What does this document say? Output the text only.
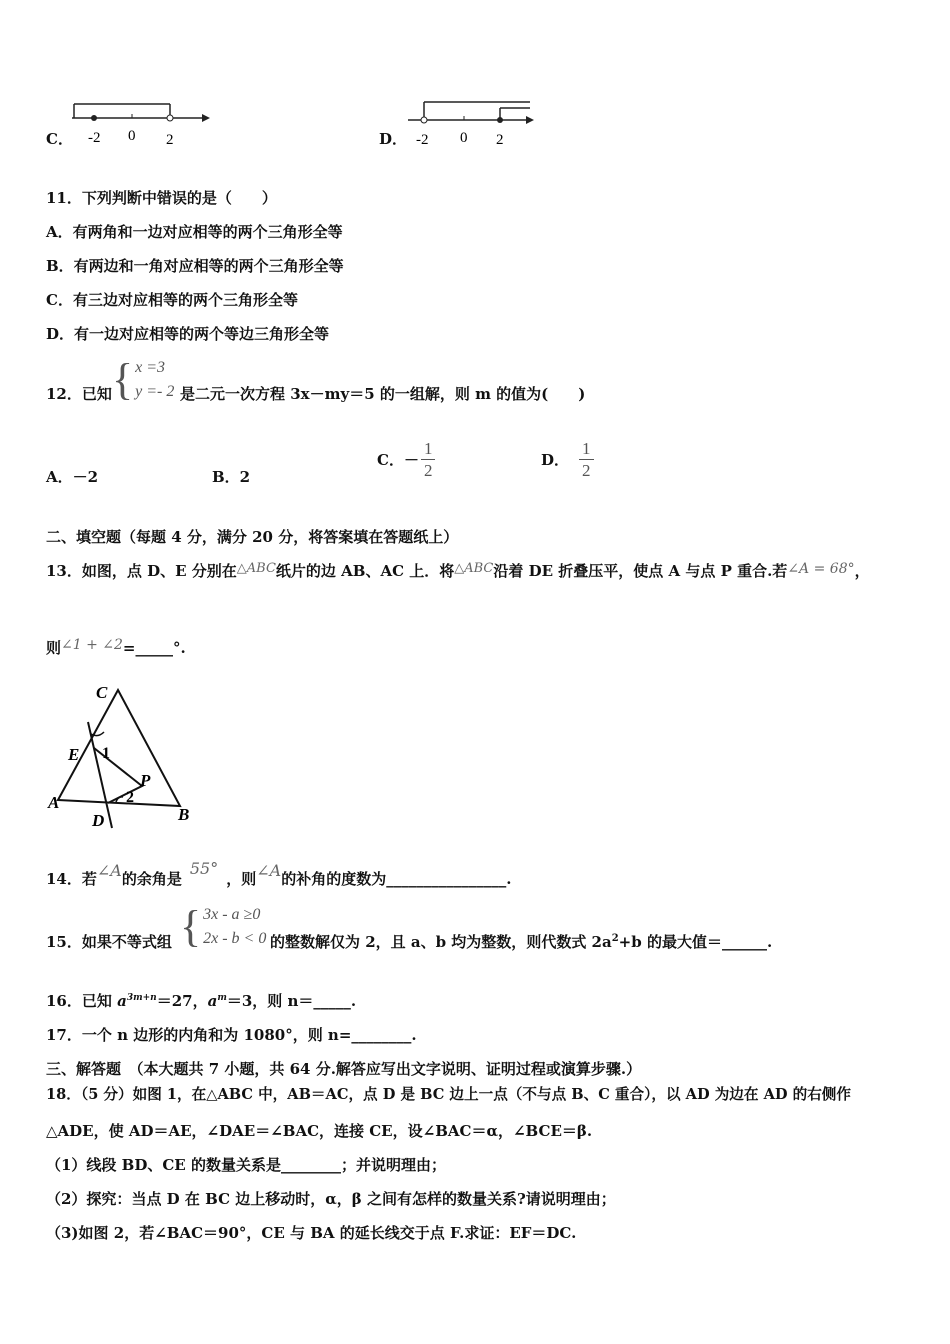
C． -2 0 2	D． -2 0 2
11．下列判断中错误的是（　　）
A．有两角和一边对应相等的两个三角形全等
B．有两边和一角对应相等的两个三角形全等
C．有三边对应相等的两个三角形全等
D．有一边对应相等的两个等边三角形全等
12．已知 { x =3
y =- 2 是二元一次方程 3x－my＝5 的一组解，则 m 的值为(　　)
A．－2	B．2
C．－ $\frac{1}{2}$	D． $\frac{1}{2}$
二、填空题（每题 4 分，满分 20 分，将答案填在答题纸上）
13．如图，点 D、E 分别在△ABC纸片的边 AB、AC 上．将△ABC沿着 DE 折叠压平，使点 A 与点 P 重合.若∠A = 68°，
则∠1 + ∠2=_____°.
C
E 1
P
A	2
D	B
14．若∠A的余角是55°，则∠A的补角的度数为________________.
15．如果不等式组 { 3x - a ≥0
2x - b < 0 的整数解仅为 2，且 a、b 均为整数，则代数式 $2a^2+b$ 的最大值＝______.
16．已知 $a^{3m+n}=27$，$a^m=3$，则 n＝_____.
17．一个 n 边形的内角和为 1080°，则 n=________.
三、解答题　（本大题共 7 小题，共 64 分.解答应写出文字说明、证明过程或演算步骤.）
18．（5 分）如图 1，在△ABC 中，AB＝AC，点 D 是 BC 边上一点（不与点 B、C 重合），以 AD 为边在 AD 的右侧作
△ADE，使 AD＝AE，∠DAE＝∠BAC，连接 CE，设∠BAC＝α，∠BCE＝β.
（1）线段 BD、CE 的数量关系是________；并说明理由；
（2）探究：当点 D 在 BC 边上移动时，α，β 之间有怎样的数量关系?请说明理由；
（3)如图 2，若∠BAC＝90°，CE 与 BA 的延长线交于点 F.求证：EF＝DC.
